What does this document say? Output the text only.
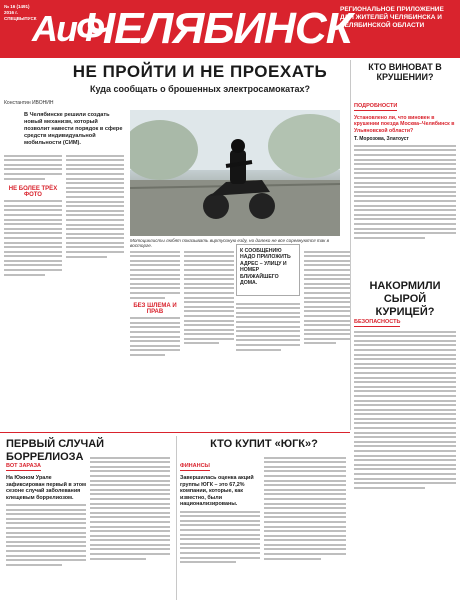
№ 16 (1491)
2016 г.
СПЕЦВЫПУСК
АиФ
ЧЕЛЯБИНСК
РЕГИОНАЛЬНОЕ ПРИЛОЖЕНИЕ ДЛЯ ЖИТЕЛЕЙ ЧЕЛЯБИНСКА И ЧЕЛЯБИНСКОЙ ОБЛАСТИ
НЕ ПРОЙТИ И НЕ ПРОЕХАТЬ
Куда сообщать о брошенных электросамокатах?
Константин ИВОНИН
В Челябинске решили создать новый механизм, который позволит навести порядок в сфере средств индивидуальной мобильности (СИМ).
НЕ БОЛЕЕ ТРЁХ ФОТО
Мотоциклисты любят показывать виртуозную езду, но далеко не все соревнуются так в восторге.
БЕЗ ШЛЕМА И ПРАВ
К СООБЩЕНИЮ НАДО ПРИЛОЖИТЬ АДРЕС – УЛИЦУ И НОМЕР БЛИЖАЙШЕГО ДОМА.
КТО ВИНОВАТ В КРУШЕНИИ?
ПОДРОБНОСТИ
Установлено ли, что виновен в крушении поезда Москва–Челябинск в Ульяновской области?
Т. Морозова, Златоуст
НАКОРМИЛИ СЫРОЙ КУРИЦЕЙ?
БЕЗОПАСНОСТЬ
ПЕРВЫЙ СЛУЧАЙ БОРРЕЛИОЗА
ВОТ ЗАРАЗА
На Южном Урале зафиксирован первый в этом сезоне случай заболевания клещевым боррелиозом.
КТО КУПИТ «ЮГК»?
ФИНАНСЫ
Завершилась оценка акций группы ЮГК – это 67,2% компании, которые, как известно, были национализированы.
